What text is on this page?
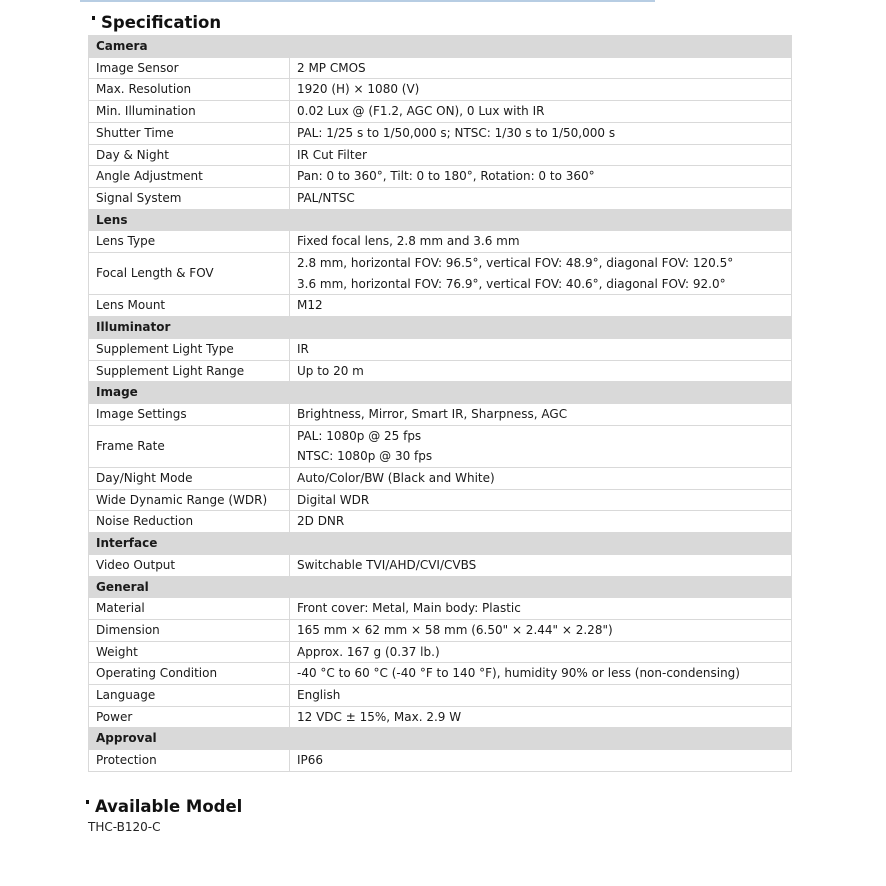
Specification
Camera	
Image Sensor	2 MP CMOS

Max. Resolution	1920 (H) × 1080 (V)

Min. Illumination	0.02 Lux @ (F1.2, AGC ON), 0 Lux with IR

Shutter Time	PAL: 1/25 s to 1/50,000 s; NTSC: 1/30 s to 1/50,000 s

Day & Night	IR Cut Filter

Angle Adjustment	Pan: 0 to 360°, Tilt: 0 to 180°, Rotation: 0 to 360°

Signal System	PAL/NTSC

Lens	
Lens Type	Fixed focal lens, 2.8 mm and 3.6 mm

Focal Length & FOV	2.8 mm, horizontal FOV: 96.5°, vertical FOV: 48.9°, diagonal FOV: 120.5°
3.6 mm, horizontal FOV: 76.9°, vertical FOV: 40.6°, diagonal FOV: 92.0°

Lens Mount	M12

Illuminator	
Supplement Light Type	IR

Supplement Light Range	Up to 20 m

Image	
Image Settings	Brightness, Mirror, Smart IR, Sharpness, AGC

Frame Rate	PAL: 1080p @ 25 fps
NTSC: 1080p @ 30 fps

Day/Night Mode	Auto/Color/BW (Black and White)

Wide Dynamic Range (WDR)	Digital WDR

Noise Reduction	2D DNR

Interface	
Video Output	Switchable TVI/AHD/CVI/CVBS

General	
Material	Front cover: Metal, Main body: Plastic

Dimension	165 mm × 62 mm × 58 mm (6.50" × 2.44" × 2.28")

Weight	Approx. 167 g (0.37 lb.)

Operating Condition	-40 °C to 60 °C (-40 °F to 140 °F), humidity 90% or less (non-condensing)

Language	English

Power	12 VDC ± 15%, Max. 2.9 W

Approval	
Protection	IP66
Available Model
THC-B120-C
